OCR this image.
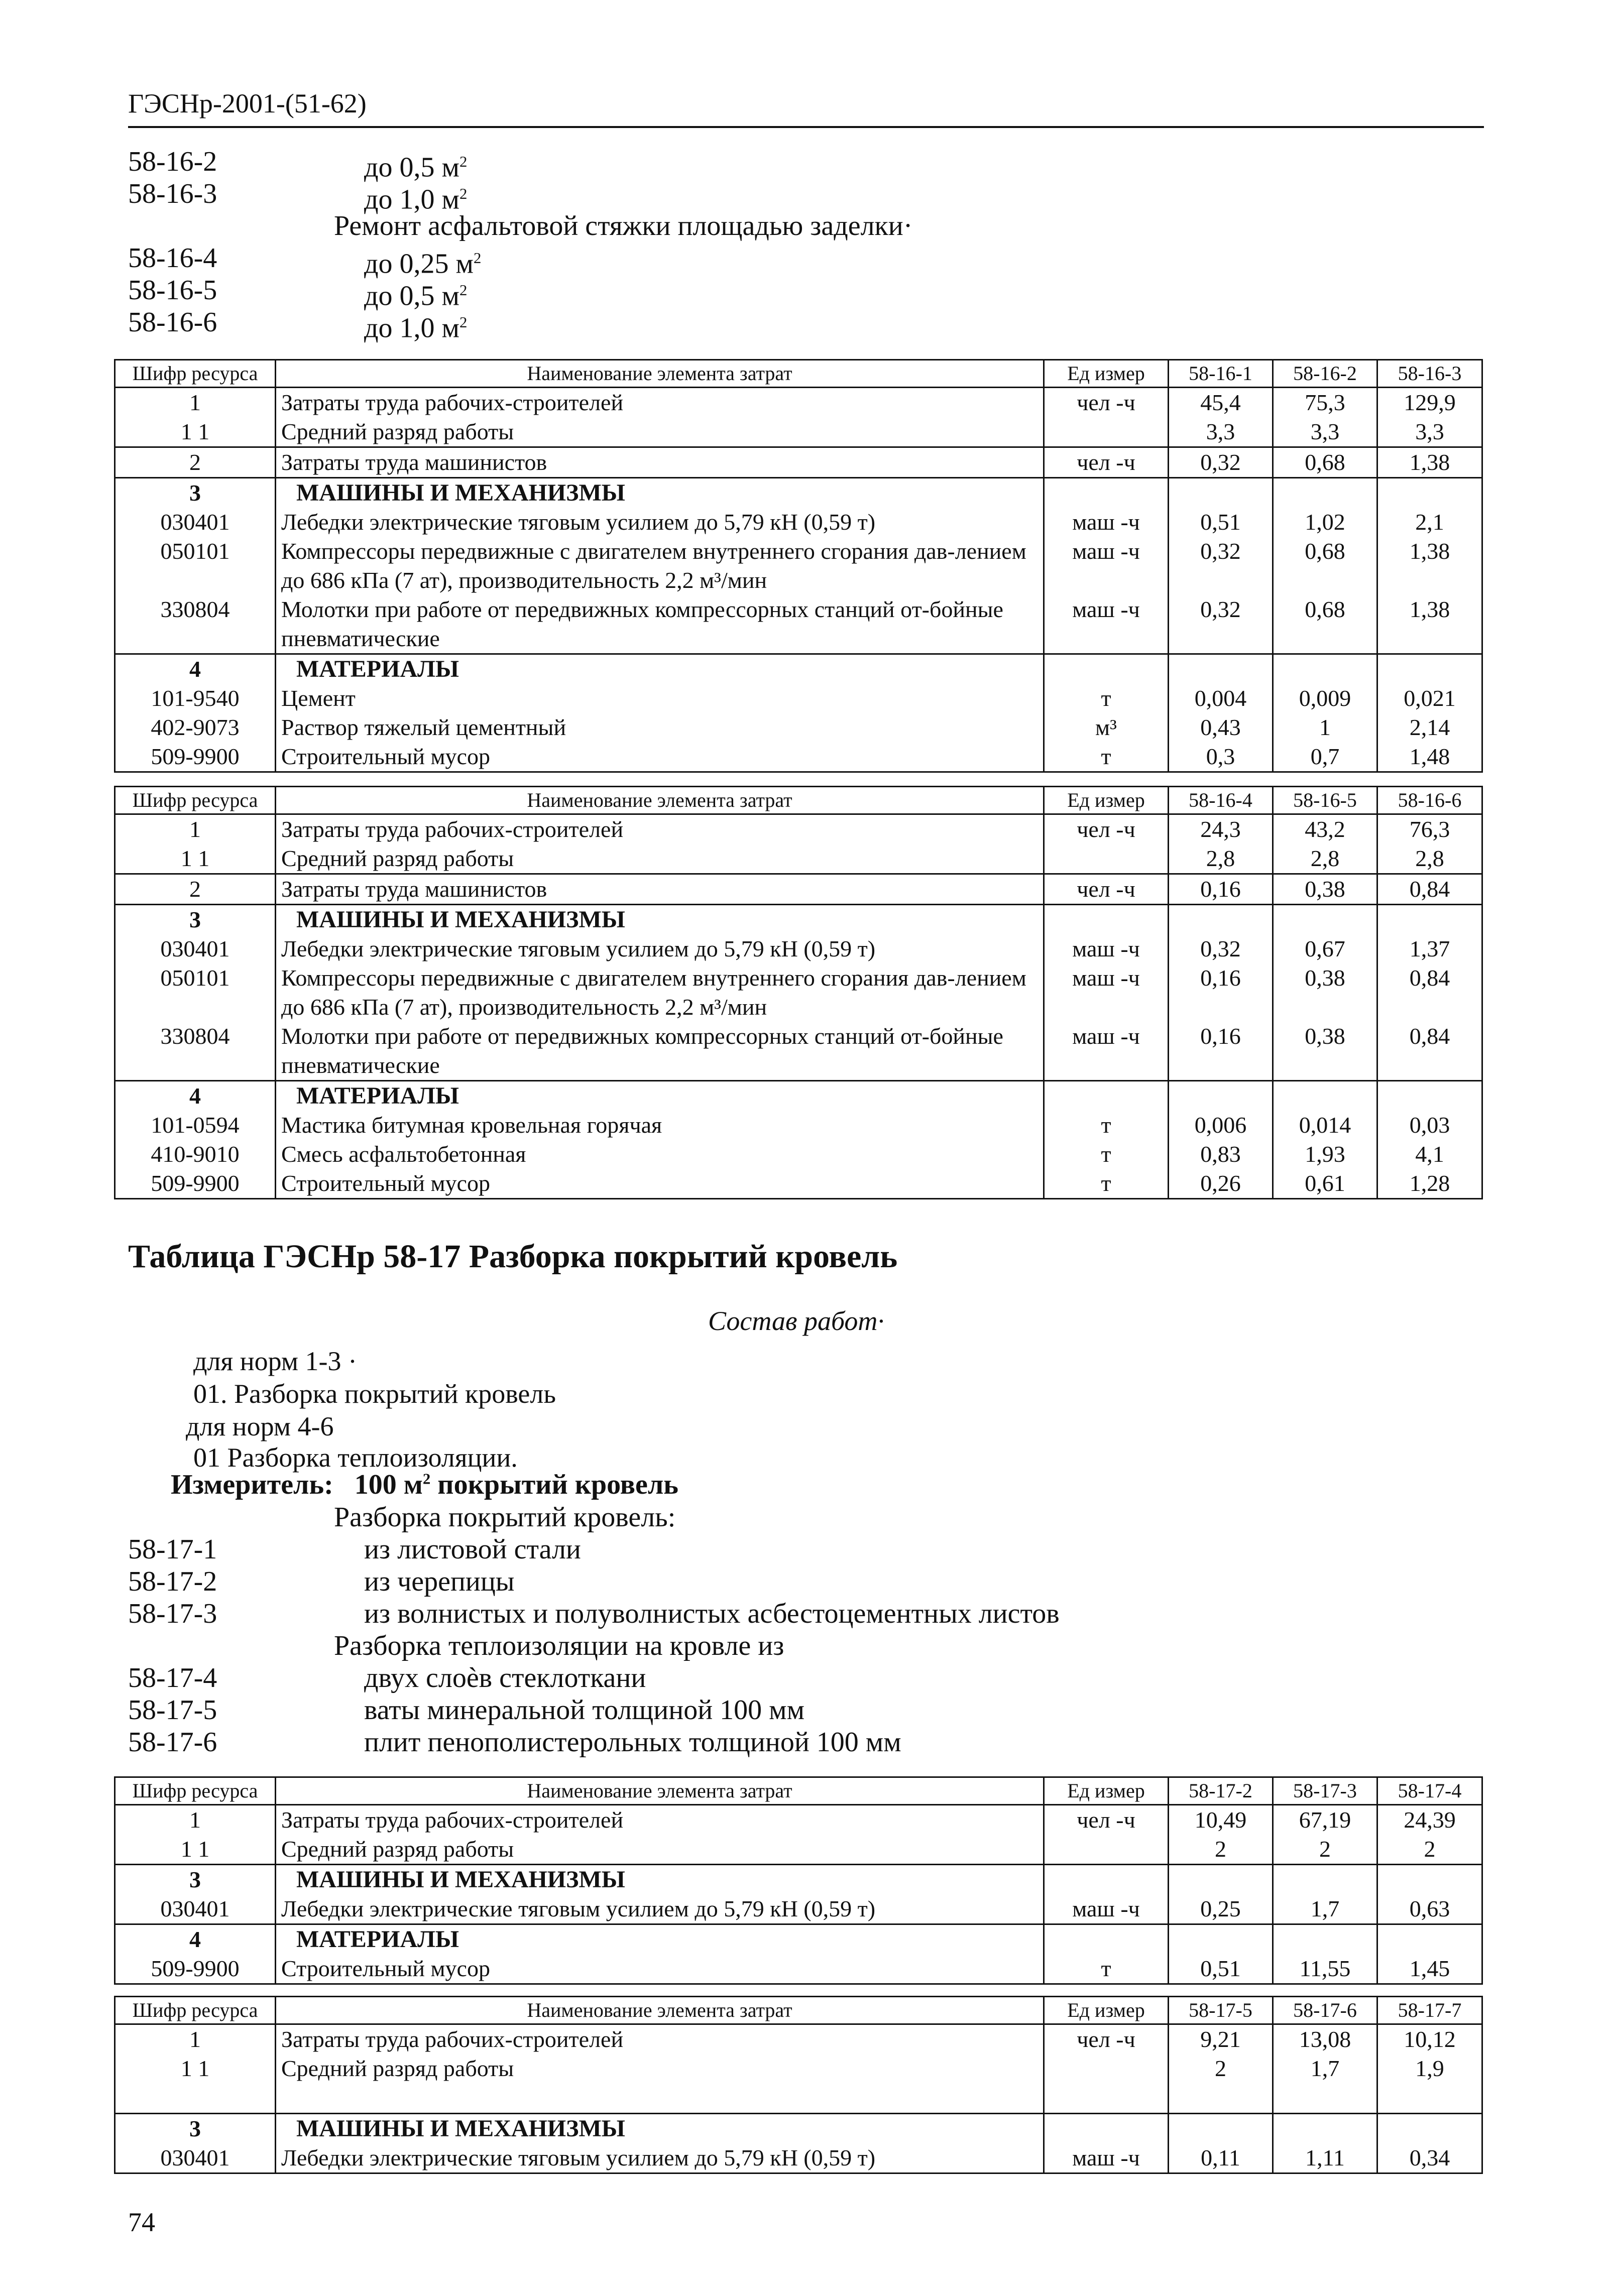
ГЭСНр-2001-(51-62)
58-16-2	до 0,5 $м^2$
58-16-3	до 1,0 $м^2$
Ремонт асфальтовой стяжки площадью заделки·
58-16-4	до 0,25 $м^2$
58-16-5	до 0,5 $м^2$
58-16-6	до 1,0 $м^2$
Шифр ресурса	Наименование элемента затрат	Ед измер	58-16-1	58-16-2	58-16-3
1	Затраты труда рабочих-строителей	чел -ч	45,4	75,3	129,9
1 1	Средний разряд работы		3,3	3,3	3,3
2	Затраты труда машинистов	чел -ч	0,32	0,68	1,38
3	МАШИНЫ И МЕХАНИЗМЫ				
030401	Лебедки электрические тяговым усилием до 5,79 кН (0,59 т)	маш -ч	0,51	1,02	2,1
050101	Компрессоры передвижные с двигателем внутреннего сгорания дав-лением до 686 кПа (7 ат), производительность 2,2 м³/мин	маш -ч	0,32	0,68	1,38
330804	Молотки при работе от передвижных компрессорных станций от-бойные пневматические	маш -ч	0,32	0,68	1,38
4	МАТЕРИАЛЫ				
101-9540	Цемент	т	0,004	0,009	0,021
402-9073	Раствор тяжелый цементный	м³	0,43	1	2,14
509-9900	Строительный мусор	т	0,3	0,7	1,48
Шифр ресурса	Наименование элемента затрат	Ед измер	58-16-4	58-16-5	58-16-6
1	Затраты труда рабочих-строителей	чел -ч	24,3	43,2	76,3
1 1	Средний разряд работы		2,8	2,8	2,8
2	Затраты труда машинистов	чел -ч	0,16	0,38	0,84
3	МАШИНЫ И МЕХАНИЗМЫ				
030401	Лебедки электрические тяговым усилием до 5,79 кН (0,59 т)	маш -ч	0,32	0,67	1,37
050101	Компрессоры передвижные с двигателем внутреннего сгорания дав-лением до 686 кПа (7 ат), производительность 2,2 м³/мин	маш -ч	0,16	0,38	0,84
330804	Молотки при работе от передвижных компрессорных станций от-бойные пневматические	маш -ч	0,16	0,38	0,84
4	МАТЕРИАЛЫ				
101-0594	Мастика битумная кровельная горячая	т	0,006	0,014	0,03
410-9010	Смесь асфальтобетонная	т	0,83	1,93	4,1
509-9900	Строительный мусор	т	0,26	0,61	1,28
Таблица ГЭСНр 58-17 Разборка покрытий кровель
Состав работ·
для норм 1-3 ·
01. Разборка покрытий кровель
для норм 4-6
01 Разборка теплоизоляции.
Измеритель: 100 $м^2$ покрытий кровель
Разборка покрытий кровель:
58-17-1	из листовой стали
58-17-2	из черепицы
58-17-3	из волнистых и полуволнистых асбестоцементных листов
Разборка теплоизоляции на кровле из
58-17-4	двух слоѐв стеклоткани
58-17-5	ваты минеральной толщиной 100 мм
58-17-6	плит пенополистерольных толщиной 100 мм
Шифр ресурса	Наименование элемента затрат	Ед измер	58-17-2	58-17-3	58-17-4
1	Затраты труда рабочих-строителей	чел -ч	10,49	67,19	24,39
1 1	Средний разряд работы		2	2	2
3	МАШИНЫ И МЕХАНИЗМЫ				
030401	Лебедки электрические тяговым усилием до 5,79 кН (0,59 т)	маш -ч	0,25	1,7	0,63
4	МАТЕРИАЛЫ				
509-9900	Строительный мусор	т	0,51	11,55	1,45
Шифр ресурса	Наименование элемента затрат	Ед измер	58-17-5	58-17-6	58-17-7
1	Затраты труда рабочих-строителей	чел -ч	9,21	13,08	10,12
1 1	Средний разряд работы		2	1,7	1,9
3	МАШИНЫ И МЕХАНИЗМЫ				
030401	Лебедки электрические тяговым усилием до 5,79 кН (0,59 т)	маш -ч	0,11	1,11	0,34
74
